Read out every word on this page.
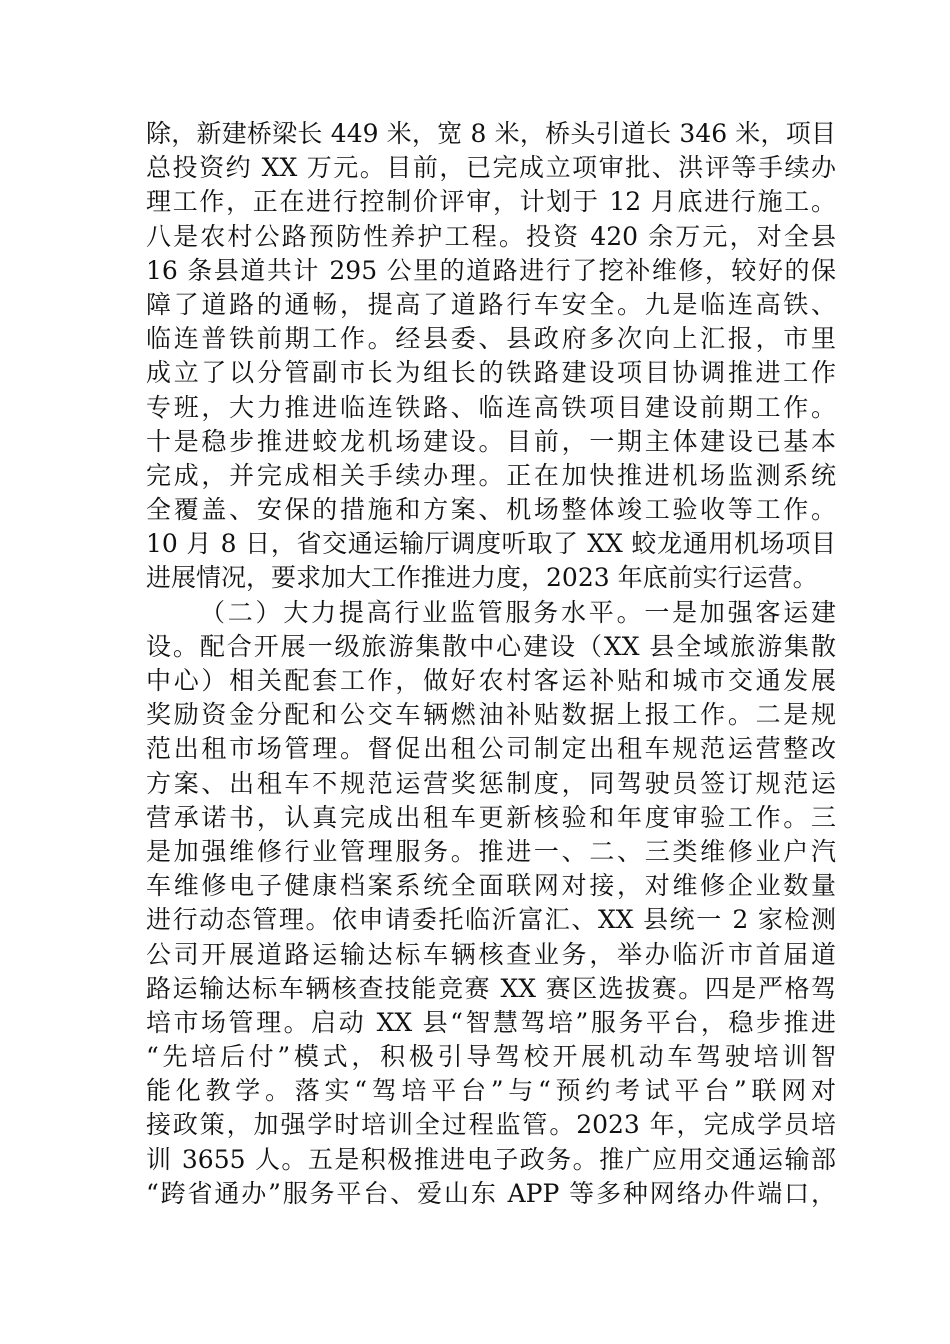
除，新建桥梁长 449 米，宽 8 米，桥头引道长 346 米，项目
总投资约 XX 万元。目前，已完成立项审批、洪评等手续办
理工作，正在进行控制价评审，计划于 12 月底进行施工。
八是农村公路预防性养护工程。投资 420 余万元，对全县
16 条县道共计 295 公里的道路进行了挖补维修，较好的保
障了道路的通畅，提高了道路行车安全。九是临连高铁、
临连普铁前期工作。经县委、县政府多次向上汇报，市里
成立了以分管副市长为组长的铁路建设项目协调推进工作
专班，大力推进临连铁路、临连高铁项目建设前期工作。
十是稳步推进蛟龙机场建设。目前，一期主体建设已基本
完成，并完成相关手续办理。正在加快推进机场监测系统
全覆盖、安保的措施和方案、机场整体竣工验收等工作。
10 月 8 日，省交通运输厅调度听取了 XX 蛟龙通用机场项目
进展情况，要求加大工作推进力度，2023 年底前实行运营。
（二）大力提高行业监管服务水平。一是加强客运建
设。配合开展一级旅游集散中心建设（XX 县全域旅游集散
中心）相关配套工作，做好农村客运补贴和城市交通发展
奖励资金分配和公交车辆燃油补贴数据上报工作。二是规
范出租市场管理。督促出租公司制定出租车规范运营整改
方案、出租车不规范运营奖惩制度，同驾驶员签订规范运
营承诺书，认真完成出租车更新核验和年度审验工作。三
是加强维修行业管理服务。推进一、二、三类维修业户汽
车维修电子健康档案系统全面联网对接，对维修企业数量
进行动态管理。依申请委托临沂富汇、XX 县统一 2 家检测
公司开展道路运输达标车辆核查业务，举办临沂市首届道
路运输达标车辆核查技能竞赛 XX 赛区选拔赛。四是严格驾
培市场管理。启动 XX 县“智慧驾培”服务平台，稳步推进
“先培后付”模式，积极引导驾校开展机动车驾驶培训智
能化教学。落实“驾培平台”与“预约考试平台”联网对
接政策，加强学时培训全过程监管。2023 年，完成学员培
训 3655 人。五是积极推进电子政务。推广应用交通运输部
“跨省通办”服务平台、爱山东 APP 等多种网络办件端口，
